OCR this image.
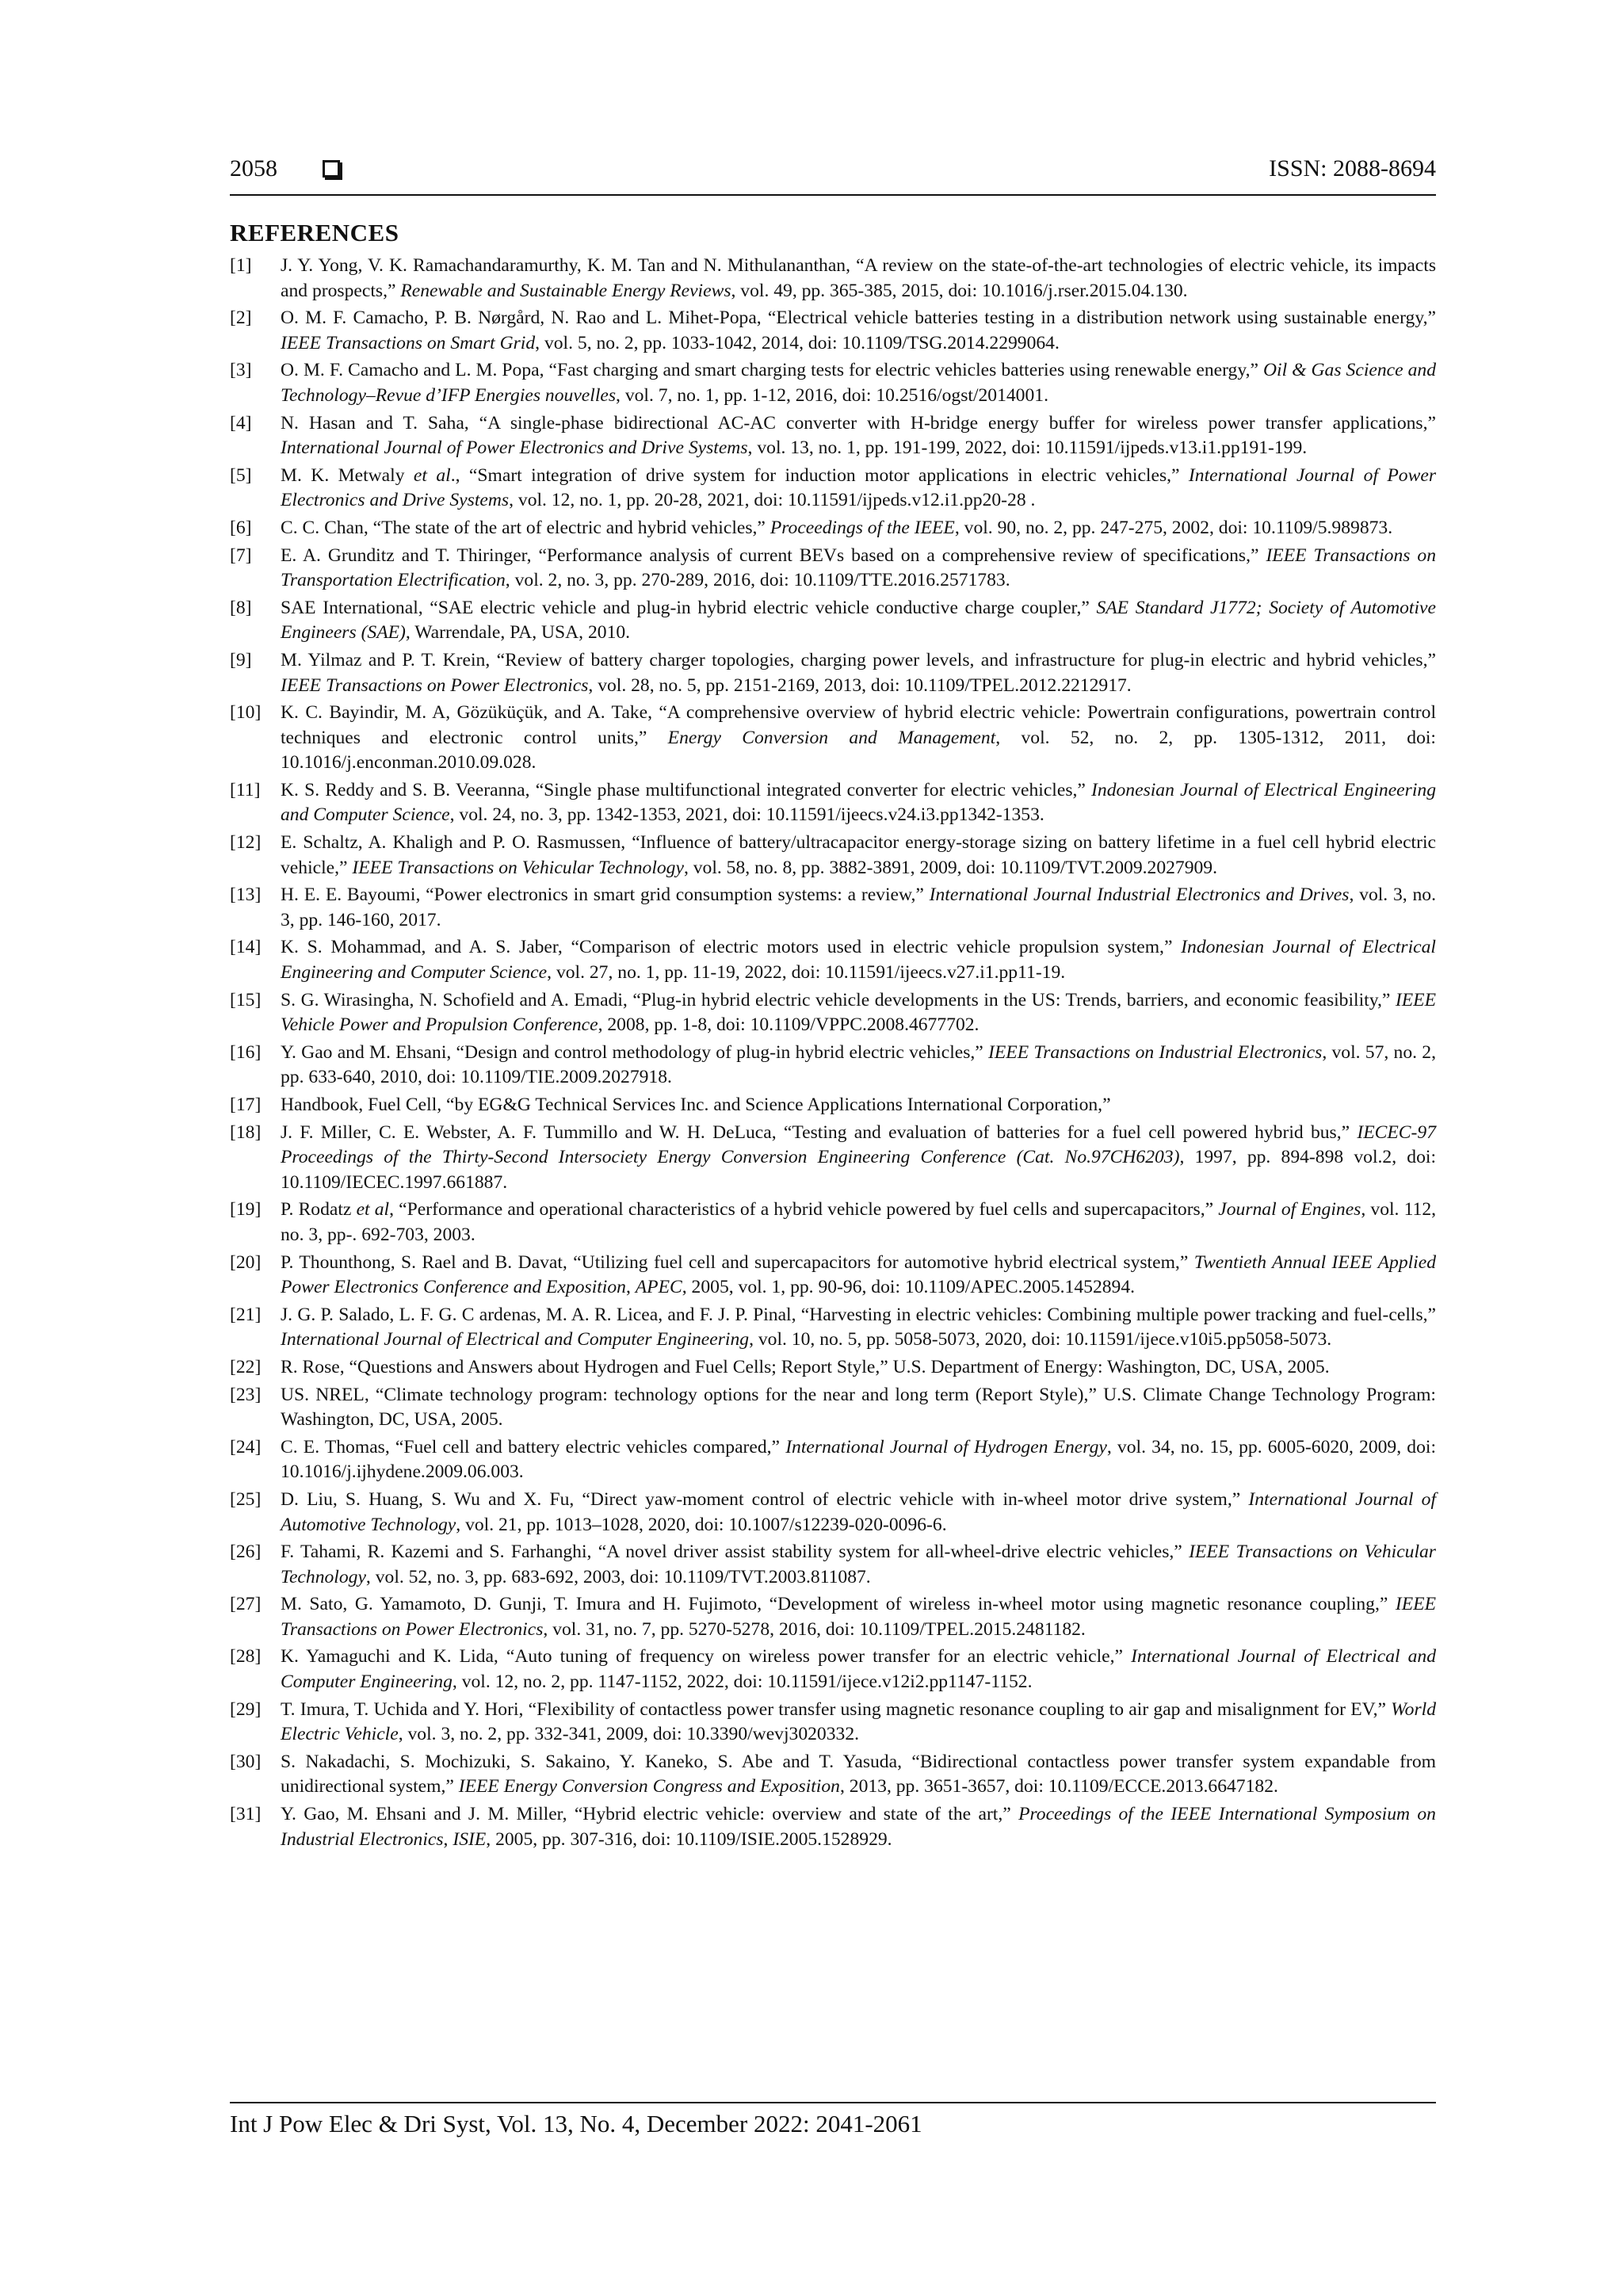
2058	ISSN: 2088-8694
REFERENCES
[1] J. Y. Yong, V. K. Ramachandaramurthy, K. M. Tan and N. Mithulananthan, “A review on the state-of-the-art technologies of electric vehicle, its impacts and prospects,” Renewable and Sustainable Energy Reviews, vol. 49, pp. 365-385, 2015, doi: 10.1016/j.rser.2015.04.130.
[2] O. M. F. Camacho, P. B. Nørgård, N. Rao and L. Mihet-Popa, “Electrical vehicle batteries testing in a distribution network using sustainable energy,” IEEE Transactions on Smart Grid, vol. 5, no. 2, pp. 1033-1042, 2014, doi: 10.1109/TSG.2014.2299064.
[3] O. M. F. Camacho and L. M. Popa, “Fast charging and smart charging tests for electric vehicles batteries using renewable energy,” Oil & Gas Science and Technology–Revue d’IFP Energies nouvelles, vol. 7, no. 1, pp. 1-12, 2016, doi: 10.2516/ogst/2014001.
[4] N. Hasan and T. Saha, “A single-phase bidirectional AC-AC converter with H-bridge energy buffer for wireless power transfer applications,” International Journal of Power Electronics and Drive Systems, vol. 13, no. 1, pp. 191-199, 2022, doi: 10.11591/ijpeds.v13.i1.pp191-199.
[5] M. K. Metwaly et al., “Smart integration of drive system for induction motor applications in electric vehicles,” International Journal of Power Electronics and Drive Systems, vol. 12, no. 1, pp. 20-28, 2021, doi: 10.11591/ijpeds.v12.i1.pp20-28 .
[6] C. C. Chan, “The state of the art of electric and hybrid vehicles,” Proceedings of the IEEE, vol. 90, no. 2, pp. 247-275, 2002, doi: 10.1109/5.989873.
[7] E. A. Grunditz and T. Thiringer, “Performance analysis of current BEVs based on a comprehensive review of specifications,” IEEE Transactions on Transportation Electrification, vol. 2, no. 3, pp. 270-289, 2016, doi: 10.1109/TTE.2016.2571783.
[8] SAE International, “SAE electric vehicle and plug-in hybrid electric vehicle conductive charge coupler,” SAE Standard J1772; Society of Automotive Engineers (SAE), Warrendale, PA, USA, 2010.
[9] M. Yilmaz and P. T. Krein, “Review of battery charger topologies, charging power levels, and infrastructure for plug-in electric and hybrid vehicles,” IEEE Transactions on Power Electronics, vol. 28, no. 5, pp. 2151-2169, 2013, doi: 10.1109/TPEL.2012.2212917.
[10] K. C. Bayindir, M. A, Gözüküçük, and A. Take, “A comprehensive overview of hybrid electric vehicle: Powertrain configurations, powertrain control techniques and electronic control units,” Energy Conversion and Management, vol. 52, no. 2, pp. 1305-1312, 2011, doi: 10.1016/j.enconman.2010.09.028.
[11] K. S. Reddy and S. B. Veeranna, “Single phase multifunctional integrated converter for electric vehicles,” Indonesian Journal of Electrical Engineering and Computer Science, vol. 24, no. 3, pp. 1342-1353, 2021, doi: 10.11591/ijeecs.v24.i3.pp1342-1353.
[12] E. Schaltz, A. Khaligh and P. O. Rasmussen, “Influence of battery/ultracapacitor energy-storage sizing on battery lifetime in a fuel cell hybrid electric vehicle,” IEEE Transactions on Vehicular Technology, vol. 58, no. 8, pp. 3882-3891, 2009, doi: 10.1109/TVT.2009.2027909.
[13] H. E. E. Bayoumi, “Power electronics in smart grid consumption systems: a review,” International Journal Industrial Electronics and Drives, vol. 3, no. 3, pp. 146-160, 2017.
[14] K. S. Mohammad, and A. S. Jaber, “Comparison of electric motors used in electric vehicle propulsion system,” Indonesian Journal of Electrical Engineering and Computer Science, vol. 27, no. 1, pp. 11-19, 2022, doi: 10.11591/ijeecs.v27.i1.pp11-19.
[15] S. G. Wirasingha, N. Schofield and A. Emadi, “Plug-in hybrid electric vehicle developments in the US: Trends, barriers, and economic feasibility,” IEEE Vehicle Power and Propulsion Conference, 2008, pp. 1-8, doi: 10.1109/VPPC.2008.4677702.
[16] Y. Gao and M. Ehsani, “Design and control methodology of plug-in hybrid electric vehicles,” IEEE Transactions on Industrial Electronics, vol. 57, no. 2, pp. 633-640, 2010, doi: 10.1109/TIE.2009.2027918.
[17] Handbook, Fuel Cell, “by EG&G Technical Services Inc. and Science Applications International Corporation,”
[18] J. F. Miller, C. E. Webster, A. F. Tummillo and W. H. DeLuca, “Testing and evaluation of batteries for a fuel cell powered hybrid bus,” IECEC-97 Proceedings of the Thirty-Second Intersociety Energy Conversion Engineering Conference (Cat. No.97CH6203), 1997, pp. 894-898 vol.2, doi: 10.1109/IECEC.1997.661887.
[19] P. Rodatz et al, “Performance and operational characteristics of a hybrid vehicle powered by fuel cells and supercapacitors,” Journal of Engines, vol. 112, no. 3, pp-. 692-703, 2003.
[20] P. Thounthong, S. Rael and B. Davat, “Utilizing fuel cell and supercapacitors for automotive hybrid electrical system,” Twentieth Annual IEEE Applied Power Electronics Conference and Exposition, APEC, 2005, vol. 1, pp. 90-96, doi: 10.1109/APEC.2005.1452894.
[21] J. G. P. Salado, L. F. G. C ardenas, M. A. R. Licea, and F. J. P. Pinal, “Harvesting in electric vehicles: Combining multiple power tracking and fuel-cells,” International Journal of Electrical and Computer Engineering, vol. 10, no. 5, pp. 5058-5073, 2020, doi: 10.11591/ijece.v10i5.pp5058-5073.
[22] R. Rose, “Questions and Answers about Hydrogen and Fuel Cells; Report Style,” U.S. Department of Energy: Washington, DC, USA, 2005.
[23] US. NREL, “Climate technology program: technology options for the near and long term (Report Style),” U.S. Climate Change Technology Program: Washington, DC, USA, 2005.
[24] C. E. Thomas, “Fuel cell and battery electric vehicles compared,” International Journal of Hydrogen Energy, vol. 34, no. 15, pp. 6005-6020, 2009, doi: 10.1016/j.ijhydene.2009.06.003.
[25] D. Liu, S. Huang, S. Wu and X. Fu, “Direct yaw-moment control of electric vehicle with in-wheel motor drive system,” International Journal of Automotive Technology, vol. 21, pp. 1013–1028, 2020, doi: 10.1007/s12239-020-0096-6.
[26] F. Tahami, R. Kazemi and S. Farhanghi, “A novel driver assist stability system for all-wheel-drive electric vehicles,” IEEE Transactions on Vehicular Technology, vol. 52, no. 3, pp. 683-692, 2003, doi: 10.1109/TVT.2003.811087.
[27] M. Sato, G. Yamamoto, D. Gunji, T. Imura and H. Fujimoto, “Development of wireless in-wheel motor using magnetic resonance coupling,” IEEE Transactions on Power Electronics, vol. 31, no. 7, pp. 5270-5278, 2016, doi: 10.1109/TPEL.2015.2481182.
[28] K. Yamaguchi and K. Lida, “Auto tuning of frequency on wireless power transfer for an electric vehicle,” International Journal of Electrical and Computer Engineering, vol. 12, no. 2, pp. 1147-1152, 2022, doi: 10.11591/ijece.v12i2.pp1147-1152.
[29] T. Imura, T. Uchida and Y. Hori, “Flexibility of contactless power transfer using magnetic resonance coupling to air gap and misalignment for EV,” World Electric Vehicle, vol. 3, no. 2, pp. 332-341, 2009, doi: 10.3390/wevj3020332.
[30] S. Nakadachi, S. Mochizuki, S. Sakaino, Y. Kaneko, S. Abe and T. Yasuda, “Bidirectional contactless power transfer system expandable from unidirectional system,” IEEE Energy Conversion Congress and Exposition, 2013, pp. 3651-3657, doi: 10.1109/ECCE.2013.6647182.
[31] Y. Gao, M. Ehsani and J. M. Miller, “Hybrid electric vehicle: overview and state of the art,” Proceedings of the IEEE International Symposium on Industrial Electronics, ISIE, 2005, pp. 307-316, doi: 10.1109/ISIE.2005.1528929.
Int J Pow Elec & Dri Syst, Vol. 13, No. 4, December 2022: 2041-2061
